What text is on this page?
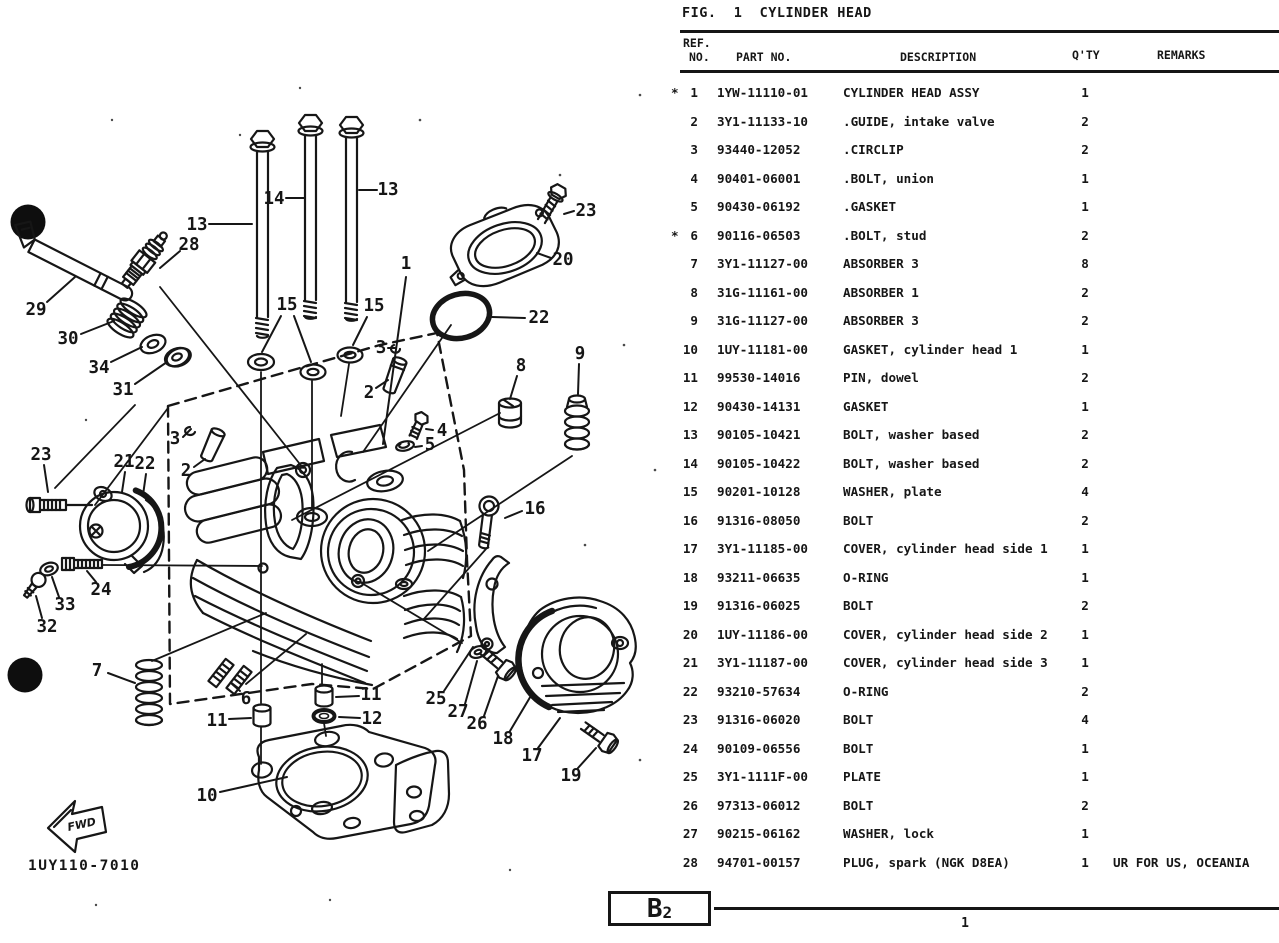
FWD
1UY110-7010
13
14	13
28
29
30
34
31
15	15
1
23
20
22
3
2
4
5
8
9
16
23	21 22
3
2
24
33
32
7
6
11
11
12
10
25
27
26
18
17
19
FIG.  1  CYLINDER HEAD
REF.
NO. PART NO.	DESCRIPTION	Q'TY	REMARKS
* 1 1YW-11110-01	CYLINDER HEAD ASSY	1
2 3Y1-11133-10	.GUIDE, intake valve	2
3 93440-12052	.CIRCLIP	2
4 90401-06001	.BOLT, union	1
5 90430-06192	.GASKET	1
* 6 90116-06503	.BOLT, stud	2
7 3Y1-11127-00	ABSORBER 3	8
8 31G-11161-00	ABSORBER 1	2
9 31G-11127-00	ABSORBER 3	2
10 1UY-11181-00	GASKET, cylinder head 1	1
11 99530-14016	PIN, dowel	2
12 90430-14131	GASKET	1
13 90105-10421	BOLT, washer based	2
14 90105-10422	BOLT, washer based	2
15 90201-10128	WASHER, plate	4
16 91316-08050	BOLT	2
17 3Y1-11185-00	COVER, cylinder head side 1	1
18 93211-06635	O-RING	1
19 91316-06025	BOLT	2
20 1UY-11186-00	COVER, cylinder head side 2	1
21 3Y1-11187-00	COVER, cylinder head side 3	1
22 93210-57634	O-RING	2
23 91316-06020	BOLT	4
24 90109-06556	BOLT	1
25 3Y1-1111F-00	PLATE	1
26 97313-06012	BOLT	2
27 90215-06162	WASHER, lock	1
28 94701-00157	PLUG, spark (NGK D8EA)	1	UR FOR US, OCEANIA
B 2
1
